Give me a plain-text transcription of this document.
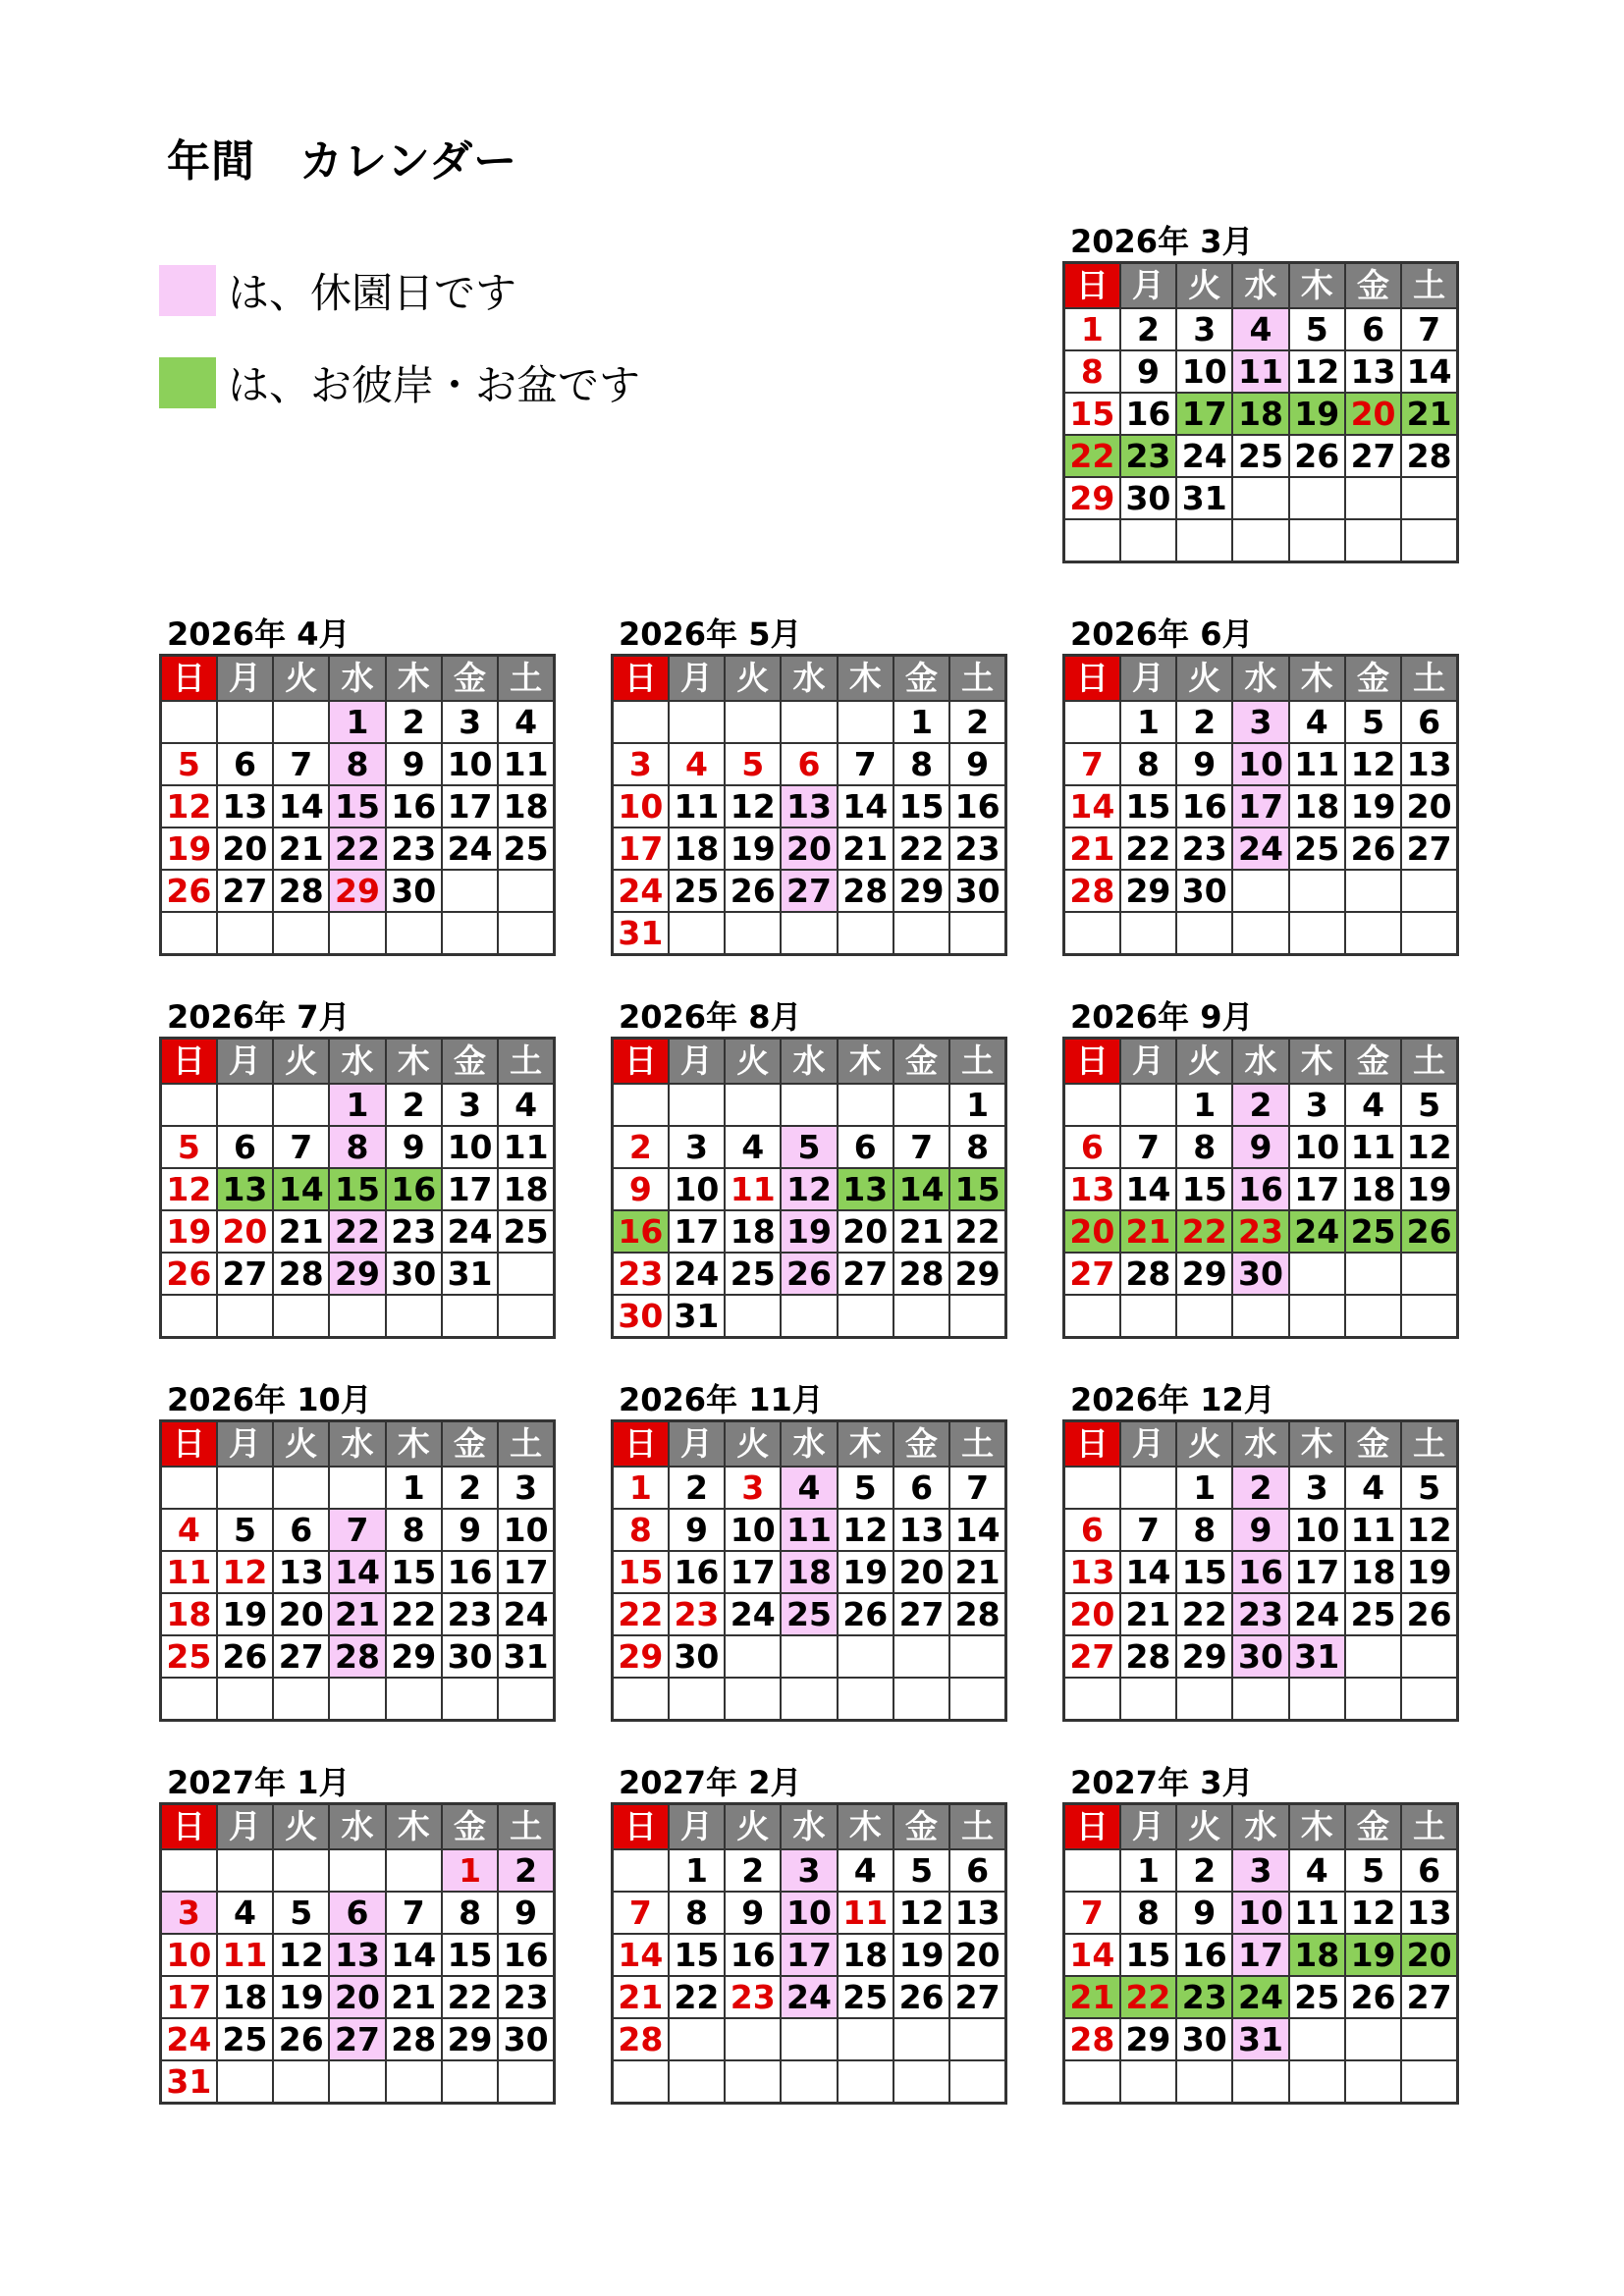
年間　カレンダー
は、休園日です
は、お彼岸・お盆です
2026年 3月
日	月	火	水	木	金	土
1	2	3	4	5	6	7
8	9	10	11	12	13	14
15	16	17	18	19	20	21
22	23	24	25	26	27	28
29	30	31				

2026年 4月
日	月	火	水	木	金	土
			1	2	3	4
5	6	7	8	9	10	11
12	13	14	15	16	17	18
19	20	21	22	23	24	25
26	27	28	29	30		

2026年 5月
日	月	火	水	木	金	土
					1	2
3	4	5	6	7	8	9
10	11	12	13	14	15	16
17	18	19	20	21	22	23
24	25	26	27	28	29	30
31						
2026年 6月
日	月	火	水	木	金	土
	1	2	3	4	5	6
7	8	9	10	11	12	13
14	15	16	17	18	19	20
21	22	23	24	25	26	27
28	29	30				

2026年 7月
日	月	火	水	木	金	土
			1	2	3	4
5	6	7	8	9	10	11
12	13	14	15	16	17	18
19	20	21	22	23	24	25
26	27	28	29	30	31	

2026年 8月
日	月	火	水	木	金	土
						1
2	3	4	5	6	7	8
9	10	11	12	13	14	15
16	17	18	19	20	21	22
23	24	25	26	27	28	29
30	31					
2026年 9月
日	月	火	水	木	金	土
		1	2	3	4	5
6	7	8	9	10	11	12
13	14	15	16	17	18	19
20	21	22	23	24	25	26
27	28	29	30			

2026年 10月
日	月	火	水	木	金	土
				1	2	3
4	5	6	7	8	9	10
11	12	13	14	15	16	17
18	19	20	21	22	23	24
25	26	27	28	29	30	31

2026年 11月
日	月	火	水	木	金	土
1	2	3	4	5	6	7
8	9	10	11	12	13	14
15	16	17	18	19	20	21
22	23	24	25	26	27	28
29	30					

2026年 12月
日	月	火	水	木	金	土
		1	2	3	4	5
6	7	8	9	10	11	12
13	14	15	16	17	18	19
20	21	22	23	24	25	26
27	28	29	30	31		

2027年 1月
日	月	火	水	木	金	土
					1	2
3	4	5	6	7	8	9
10	11	12	13	14	15	16
17	18	19	20	21	22	23
24	25	26	27	28	29	30
31						
2027年 2月
日	月	火	水	木	金	土
	1	2	3	4	5	6
7	8	9	10	11	12	13
14	15	16	17	18	19	20
21	22	23	24	25	26	27
28						

2027年 3月
日	月	火	水	木	金	土
	1	2	3	4	5	6
7	8	9	10	11	12	13
14	15	16	17	18	19	20
21	22	23	24	25	26	27
28	29	30	31			
